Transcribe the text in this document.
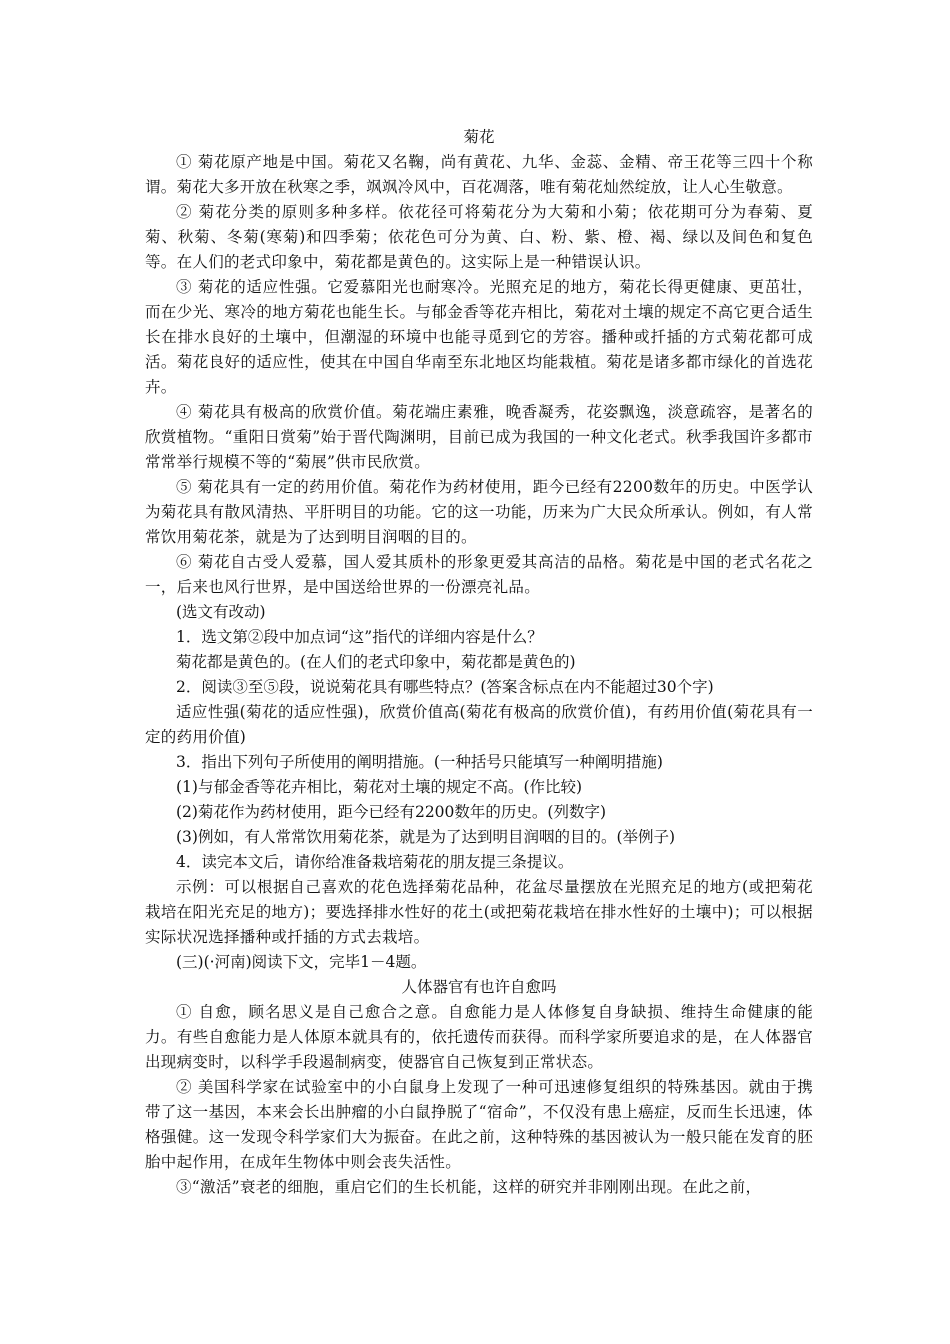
菊花

① 菊花原产地是中国。菊花又名鞠，尚有黄花、九华、金蕊、金精、帝王花等三四十个称谓。菊花大多开放在秋寒之季，飒飒冷风中，百花凋落，唯有菊花灿然绽放，让人心生敬意。

② 菊花分类的原则多种多样。依花径可将菊花分为大菊和小菊；依花期可分为春菊、夏菊、秋菊、冬菊(寒菊)和四季菊；依花色可分为黄、白、粉、紫、橙、褐、绿以及间色和复色等。在人们的老式印象中，菊花都是黄色的。这实际上是一种错误认识。

③ 菊花的适应性强。它爱慕阳光也耐寒冷。光照充足的地方，菊花长得更健康、更茁壮，而在少光、寒冷的地方菊花也能生长。与郁金香等花卉相比，菊花对土壤的规定不高它更合适生长在排水良好的土壤中，但潮湿的环境中也能寻觅到它的芳容。播种或扦插的方式菊花都可成活。菊花良好的适应性，使其在中国自华南至东北地区均能栽植。菊花是诸多都市绿化的首选花卉。

④ 菊花具有极高的欣赏价值。菊花端庄素雅，晚香凝秀，花姿飘逸，淡意疏容，是著名的欣赏植物。“重阳日赏菊”始于晋代陶渊明，目前已成为我国的一种文化老式。秋季我国许多都市常常举行规模不等的“菊展”供市民欣赏。

⑤ 菊花具有一定的药用价值。菊花作为药材使用，距今已经有2200数年的历史。中医学认为菊花具有散风清热、平肝明目的功能。它的这一功能，历来为广大民众所承认。例如，有人常常饮用菊花茶，就是为了达到明目润咽的目的。

⑥ 菊花自古受人爱慕，国人爱其质朴的形象更爱其高洁的品格。菊花是中国的老式名花之一，后来也风行世界，是中国送给世界的一份漂亮礼品。

(选文有改动)

1．选文第②段中加点词“这”指代的详细内容是什么？

菊花都是黄色的。(在人们的老式印象中，菊花都是黄色的)

2．阅读③至⑤段，说说菊花具有哪些特点？(答案含标点在内不能超过30个字)

适应性强(菊花的适应性强)，欣赏价值高(菊花有极高的欣赏价值)，有药用价值(菊花具有一定的药用价值)

3．指出下列句子所使用的阐明措施。(一种括号只能填写一种阐明措施)

(1)与郁金香等花卉相比，菊花对土壤的规定不高。(作比较)

(2)菊花作为药材使用，距今已经有2200数年的历史。(列数字)

(3)例如，有人常常饮用菊花茶，就是为了达到明目润咽的目的。(举例子)

4．读完本文后，请你给准备栽培菊花的朋友提三条提议。

示例：可以根据自己喜欢的花色选择菊花品种，花盆尽量摆放在光照充足的地方(或把菊花栽培在阳光充足的地方)；要选择排水性好的花土(或把菊花栽培在排水性好的土壤中)；可以根据实际状况选择播种或扦插的方式去栽培。

(三)(·河南)阅读下文，完毕1－4题。

人体器官有也许自愈吗

① 自愈，顾名思义是自己愈合之意。自愈能力是人体修复自身缺损、维持生命健康的能力。有些自愈能力是人体原本就具有的，依托遗传而获得。而科学家所要追求的是，在人体器官出现病变时，以科学手段遏制病变，使器官自己恢复到正常状态。

② 美国科学家在试验室中的小白鼠身上发现了一种可迅速修复组织的特殊基因。就由于携带了这一基因，本来会长出肿瘤的小白鼠挣脱了“宿命”，不仅没有患上癌症，反而生长迅速，体格强健。这一发现令科学家们大为振奋。在此之前，这种特殊的基因被认为一般只能在发育的胚胎中起作用，在成年生物体中则会丧失活性。

③“激活”衰老的细胞，重启它们的生长机能，这样的研究并非刚刚出现。在此之前，
